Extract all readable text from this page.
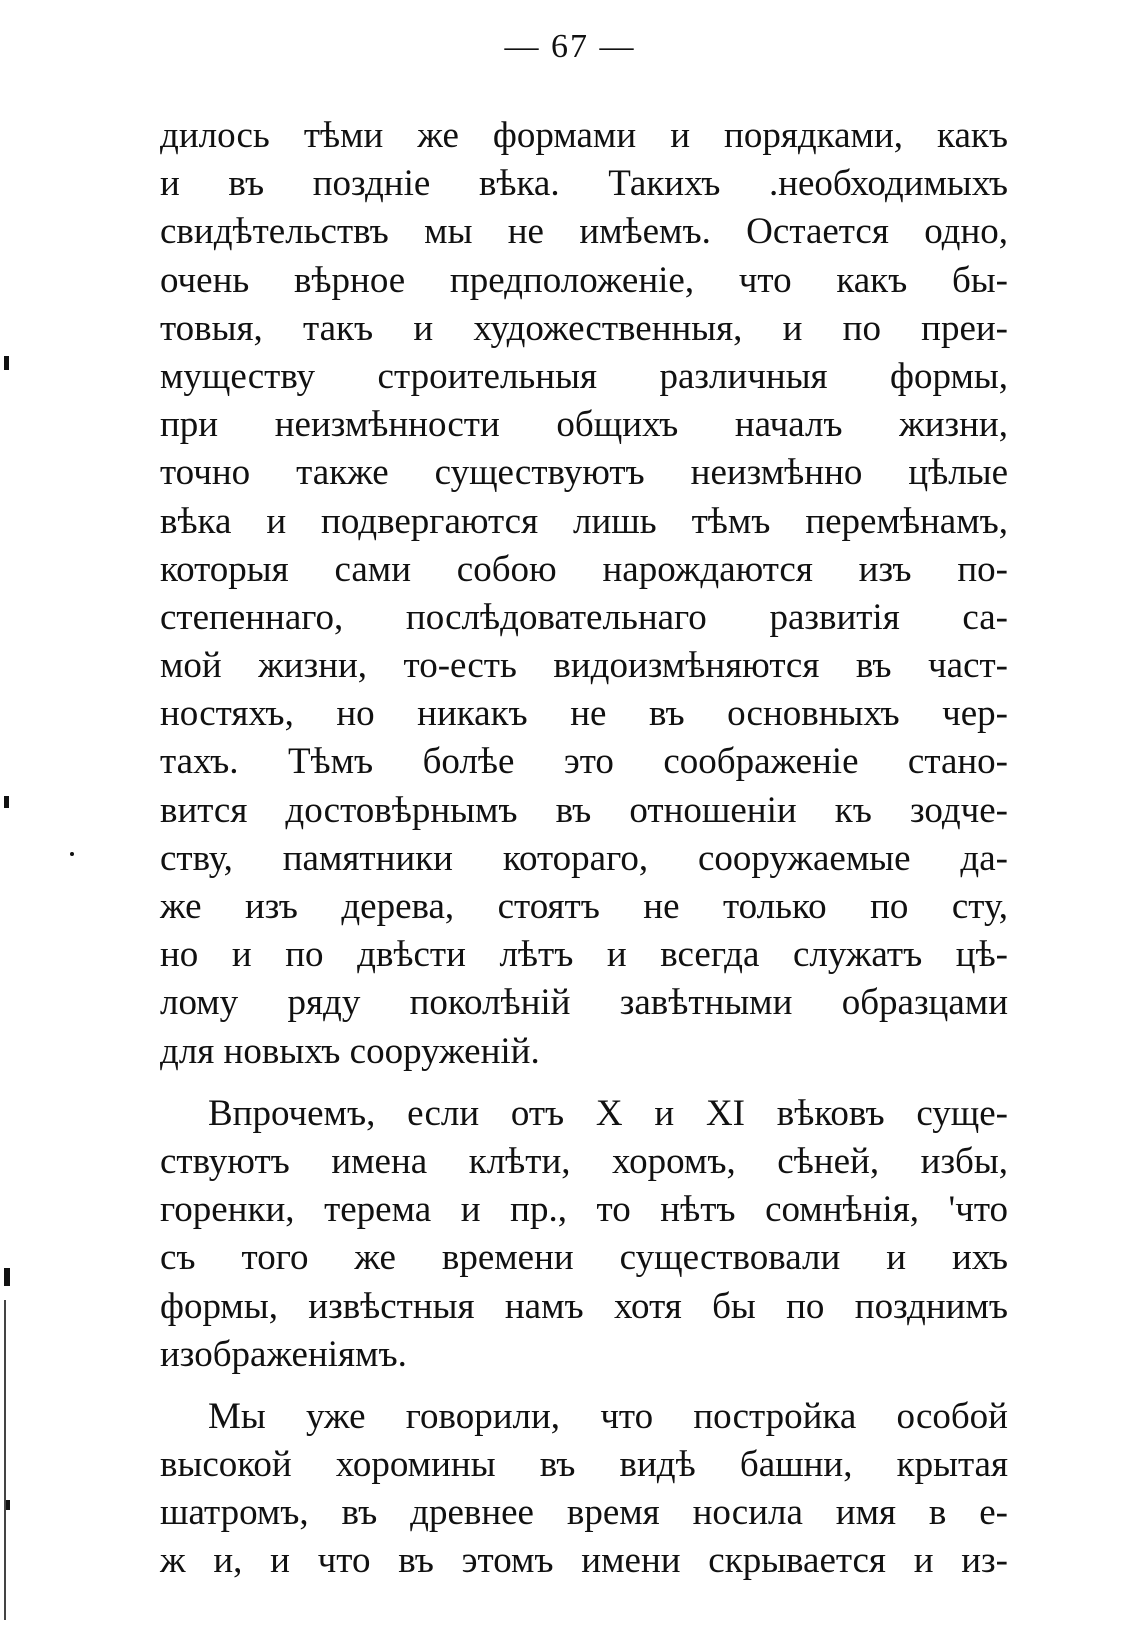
— 67 —
дилось тѣми же формами и порядками, какъ
и въ поздніе вѣка. Такихъ .необходимыхъ
свидѣтельствъ мы не имѣемъ. Остается одно,
очень вѣрное предположеніе, что какъ бы-
товыя, такъ и художественныя, и по преи-
муществу строительныя различныя формы,
при неизмѣнности общихъ началъ жизни,
точно также существуютъ неизмѣнно цѣлые
вѣка и подвергаются лишь тѣмъ перемѣнамъ,
которыя сами собою нарождаются изъ по-
степеннаго, послѣдовательнаго развитія са-
мой жизни, то-есть видоизмѣняются въ част-
ностяхъ, но никакъ не въ основныхъ чер-
тахъ. Тѣмъ болѣе это соображеніе стано-
вится достовѣрнымъ въ отношеніи къ зодче-
ству, памятники котораго, сооружаемые да-
же изъ дерева, стоятъ не только по сту,
но и по двѣсти лѣтъ и всегда служатъ цѣ-
лому ряду поколѣній завѣтными образцами
для новыхъ сооруженій.
Впрочемъ, если отъ X и XI вѣковъ суще-
ствуютъ имена клѣти, хоромъ, сѣней, избы,
горенки, терема и пр., то нѣтъ сомнѣнія, 'что
съ того же времени существовали и ихъ
формы, извѣстныя намъ хотя бы по позднимъ
изображеніямъ.
Мы уже говорили, что постройка особой
высокой хоромины въ видѣ башни, крытая
шатромъ, въ древнее время носила имя в е-
ж и, и что въ этомъ имени скрывается и из-
